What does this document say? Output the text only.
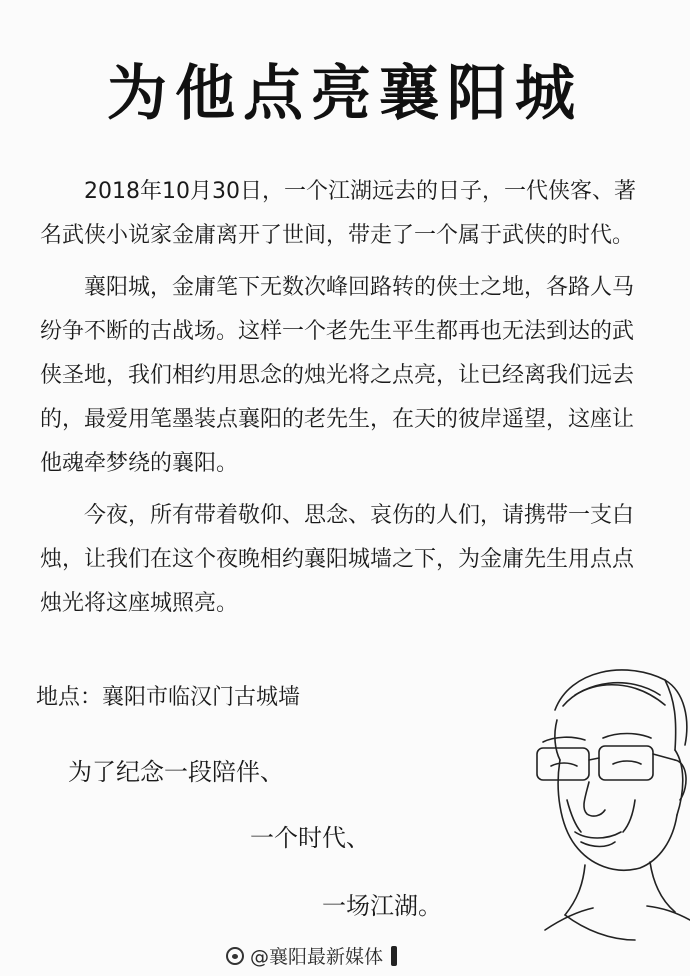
为他点亮襄阳城

2018年10月30日，一个江湖远去的日子，一代侠客、著名武侠小说家金庸离开了世间，带走了一个属于武侠的时代。

襄阳城，金庸笔下无数次峰回路转的侠士之地，各路人马纷争不断的古战场。这样一个老先生平生都再也无法到达的武侠圣地，我们相约用思念的烛光将之点亮，让已经离我们远去的，最爱用笔墨装点襄阳的老先生，在天的彼岸遥望，这座让他魂牵梦绕的襄阳。

今夜，所有带着敬仰、思念、哀伤的人们，请携带一支白烛，让我们在这个夜晚相约襄阳城墙之下，为金庸先生用点点烛光将这座城照亮。

地点：襄阳市临汉门古城墙
为了纪念一段陪伴、
一个时代、
一场江湖。
@襄阳最新媒体
